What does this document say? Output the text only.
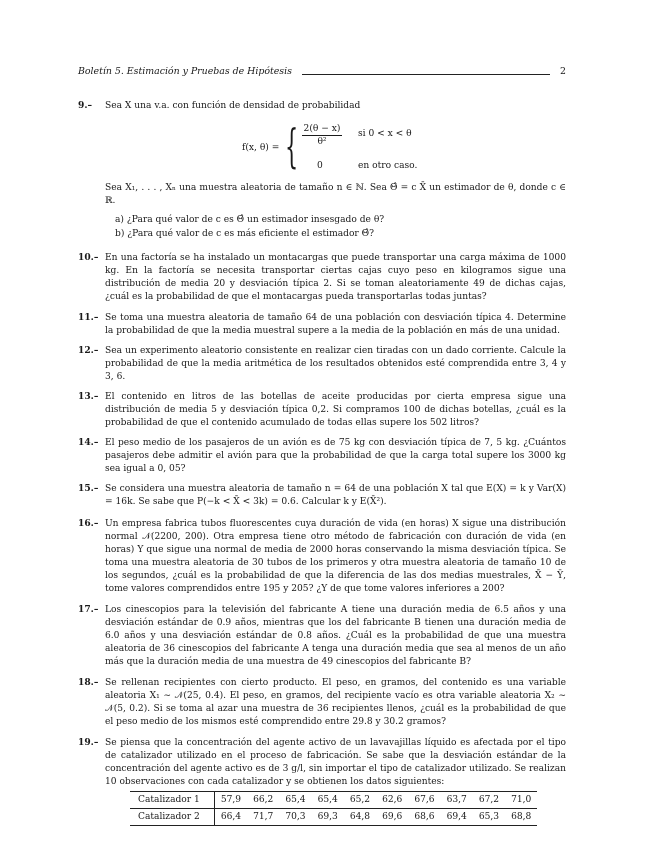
Boletín 5. Estimación y Pruebas de Hipótesis	2
9.– Sea X una v.a. con función de densidad de probabilidad
f(x, θ) = { $\frac{2(\theta - x)}{\text{θ²}}$ si 0 < x < θ
0	en otro caso.
Sea X₁, . . . , Xₙ una muestra aleatoria de tamaño n ∈ ℕ. Sea Θ̂ = c X̄ un estimador de θ, donde c ∈ ℝ.
a) ¿Para qué valor de c es Θ̂ un estimador insesgado de θ?
b) ¿Para qué valor de c es más eficiente el estimador Θ̂?
10.– En una factoría se ha instalado un montacargas que puede transportar una carga máxima de 1000 kg. En la factoría se necesita transportar ciertas cajas cuyo peso en kilogramos sigue una distribución de media 20 y desviación típica 2. Si se toman aleatoriamente 49 de dichas cajas, ¿cuál es la probabilidad de que el montacargas pueda transportarlas todas juntas?
11.– Se toma una muestra aleatoria de tamaño 64 de una población con desviación típica 4. Determine la probabilidad de que la media muestral supere a la media de la población en más de una unidad.
12.– Sea un experimento aleatorio consistente en realizar cien tiradas con un dado corriente. Calcule la probabilidad de que la media aritmética de los resultados obtenidos esté comprendida entre 3, 4 y 3, 6.
13.– El contenido en litros de las botellas de aceite producidas por cierta empresa sigue una distribución de media 5 y desviación típica 0,2. Si compramos 100 de dichas botellas, ¿cuál es la probabilidad de que el contenido acumulado de todas ellas supere los 502 litros?
14.– El peso medio de los pasajeros de un avión es de 75 kg con desviación típica de 7, 5 kg. ¿Cuántos pasajeros debe admitir el avión para que la probabilidad de que la carga total supere los 3000 kg sea igual a 0, 05?
15.– Se considera una muestra aleatoria de tamaño n = 64 de una población X tal que E(X) = k y Var(X) = 16k. Se sabe que P(−k < X̄ < 3k) = 0.6. Calcular k y E(X̄²).
16.– Un empresa fabrica tubos fluorescentes cuya duración de vida (en horas) X sigue una distribución normal 𝒩(2200, 200). Otra empresa tiene otro método de fabricación con duración de vida (en horas) Y que sigue una normal de media de 2000 horas conservando la misma desviación típica. Se toma una muestra aleatoria de 30 tubos de los primeros y otra muestra aleatoria de tamaño 10 de los segundos, ¿cuál es la probabilidad de que la diferencia de las dos medias muestrales, X̄ − Ȳ, tome valores comprendidos entre 195 y 205? ¿Y de que tome valores inferiores a 200?
17.– Los cinescopios para la televisión del fabricante A tiene una duración media de 6.5 años y una desviación estándar de 0.9 años, mientras que los del fabricante B tienen una duración media de 6.0 años y una desviación estándar de 0.8 años. ¿Cuál es la probabilidad de que una muestra aleatoria de 36 cinescopios del fabricante A tenga una duración media que sea al menos de un año más que la duración media de una muestra de 49 cinescopios del fabricante B?
18.– Se rellenan recipientes con cierto producto. El peso, en gramos, del contenido es una variable aleatoria X₁ ∼ 𝒩(25, 0.4). El peso, en gramos, del recipiente vacío es otra variable aleatoria X₂ ∼ 𝒩(5, 0.2). Si se toma al azar una muestra de 36 recipientes llenos, ¿cuál es la probabilidad de que el peso medio de los mismos esté comprendido entre 29.8 y 30.2 gramos?
19.– Se piensa que la concentración del agente activo de un lavavajillas líquido es afectada por el tipo de catalizador utilizado en el proceso de fabricación. Se sabe que la desviación estándar de la concentración del agente activo es de 3 g/l, sin importar el tipo de catalizador utilizado. Se realizan 10 observaciones con cada catalizador y se obtienen los datos siguientes:
Catalizador 1	57,9	66,2	65,4	65,4	65,2	62,6	67,6	63,7	67,2	71,0
Catalizador 2	66,4	71,7	70,3	69,3	64,8	69,6	68,6	69,4	65,3	68,8
